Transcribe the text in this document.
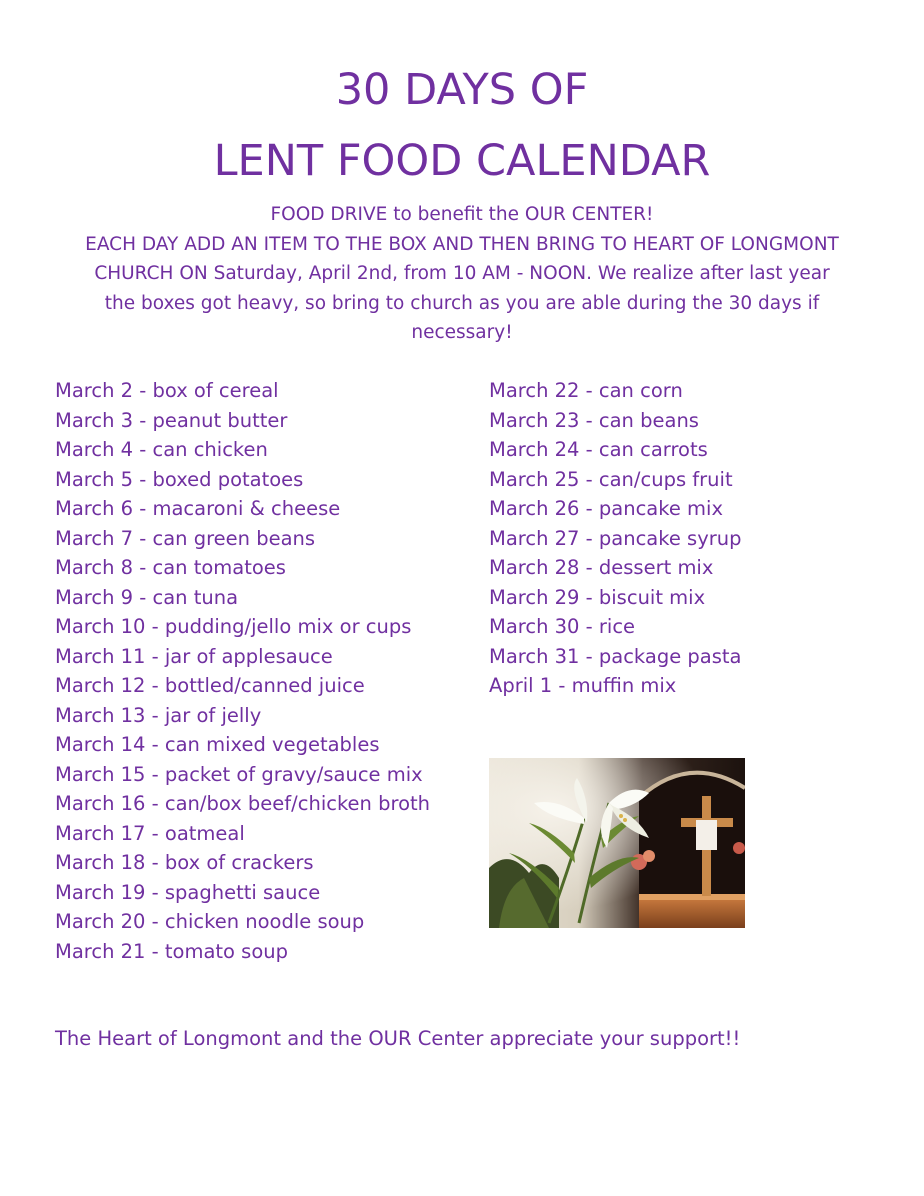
30 DAYS OF
LENT FOOD CALENDAR
FOOD DRIVE to benefit the OUR CENTER!
EACH DAY ADD AN ITEM TO THE BOX AND THEN BRING TO HEART OF LONGMONT
CHURCH ON Saturday, April 2nd, from 10 AM - NOON. We realize after last year
the boxes got heavy, so bring to church as you are able during the 30 days if
necessary!
March 2 - box of cereal
March 3 - peanut butter
March 4 - can chicken
March 5 - boxed potatoes
March 6 - macaroni & cheese
March 7 - can green beans
March 8 - can tomatoes
March 9 - can tuna
March 10 - pudding/jello mix or cups
March 11 - jar of applesauce
March 12 - bottled/canned juice
March 13 - jar of jelly
March 14 - can mixed vegetables
March 15 - packet of gravy/sauce mix
March 16 - can/box beef/chicken broth
March 17 - oatmeal
March 18 - box of crackers
March 19 - spaghetti sauce
March 20 - chicken noodle soup
March 21 - tomato soup
March 22 - can corn
March 23 - can beans
March 24 - can carrots
March 25 - can/cups fruit
March 26 - pancake mix
March 27 - pancake syrup
March 28 - dessert mix
March 29 - biscuit mix
March 30 - rice
March 31 - package pasta
April 1 - muffin mix
The Heart of Longmont and the OUR Center appreciate your support!!
